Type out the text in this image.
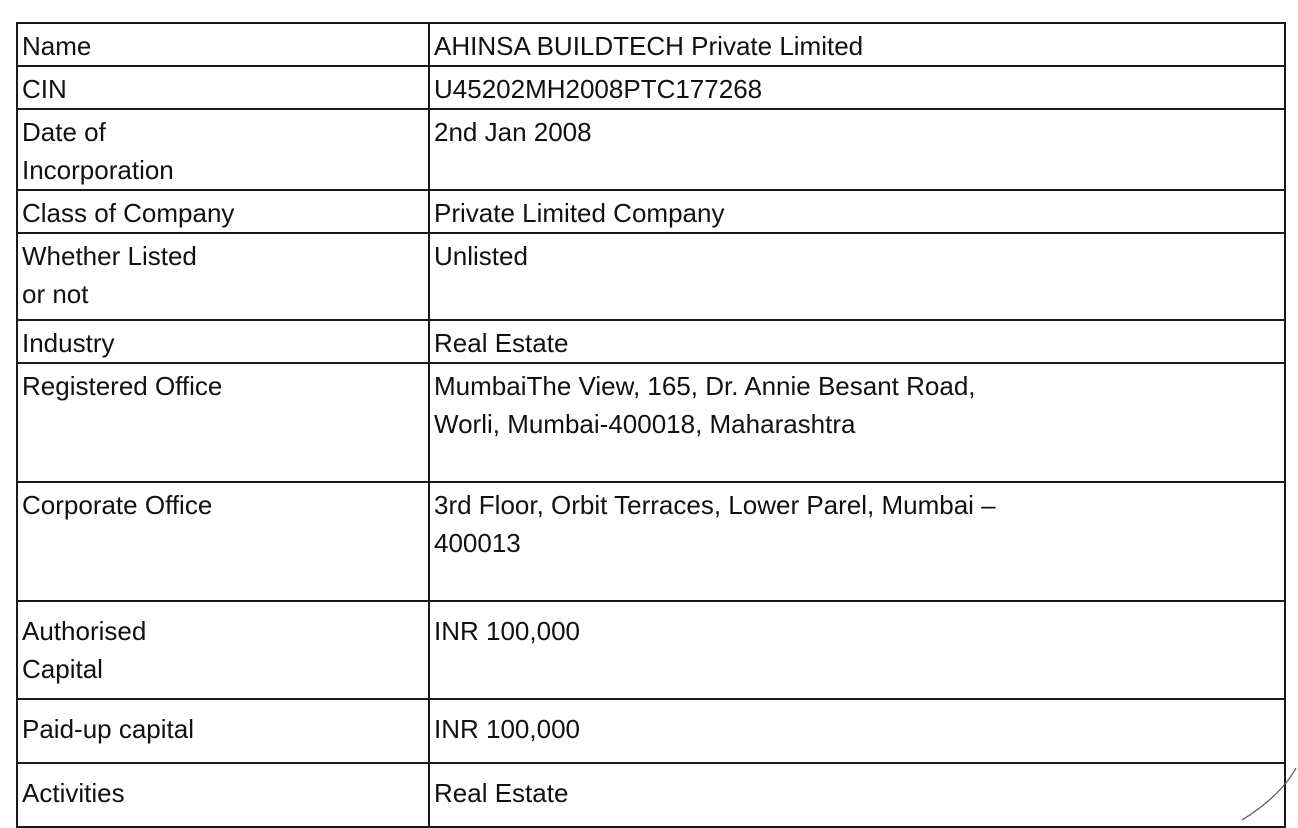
Name	AHINSA BUILDTECH Private Limited

CIN	U45202MH2008PTC177268

Date of
Incorporation	2nd Jan 2008

Class of Company	Private Limited Company

Whether Listed
or not	Unlisted

Industry	Real Estate

Registered Office	MumbaiThe View, 165, Dr. Annie Besant Road,
Worli, Mumbai-400018, Maharashtra

Corporate Office	3rd Floor, Orbit Terraces, Lower Parel, Mumbai –
400013

Authorised
Capital	INR 100,000

Paid-up capital	INR 100,000

Activities	Real Estate
